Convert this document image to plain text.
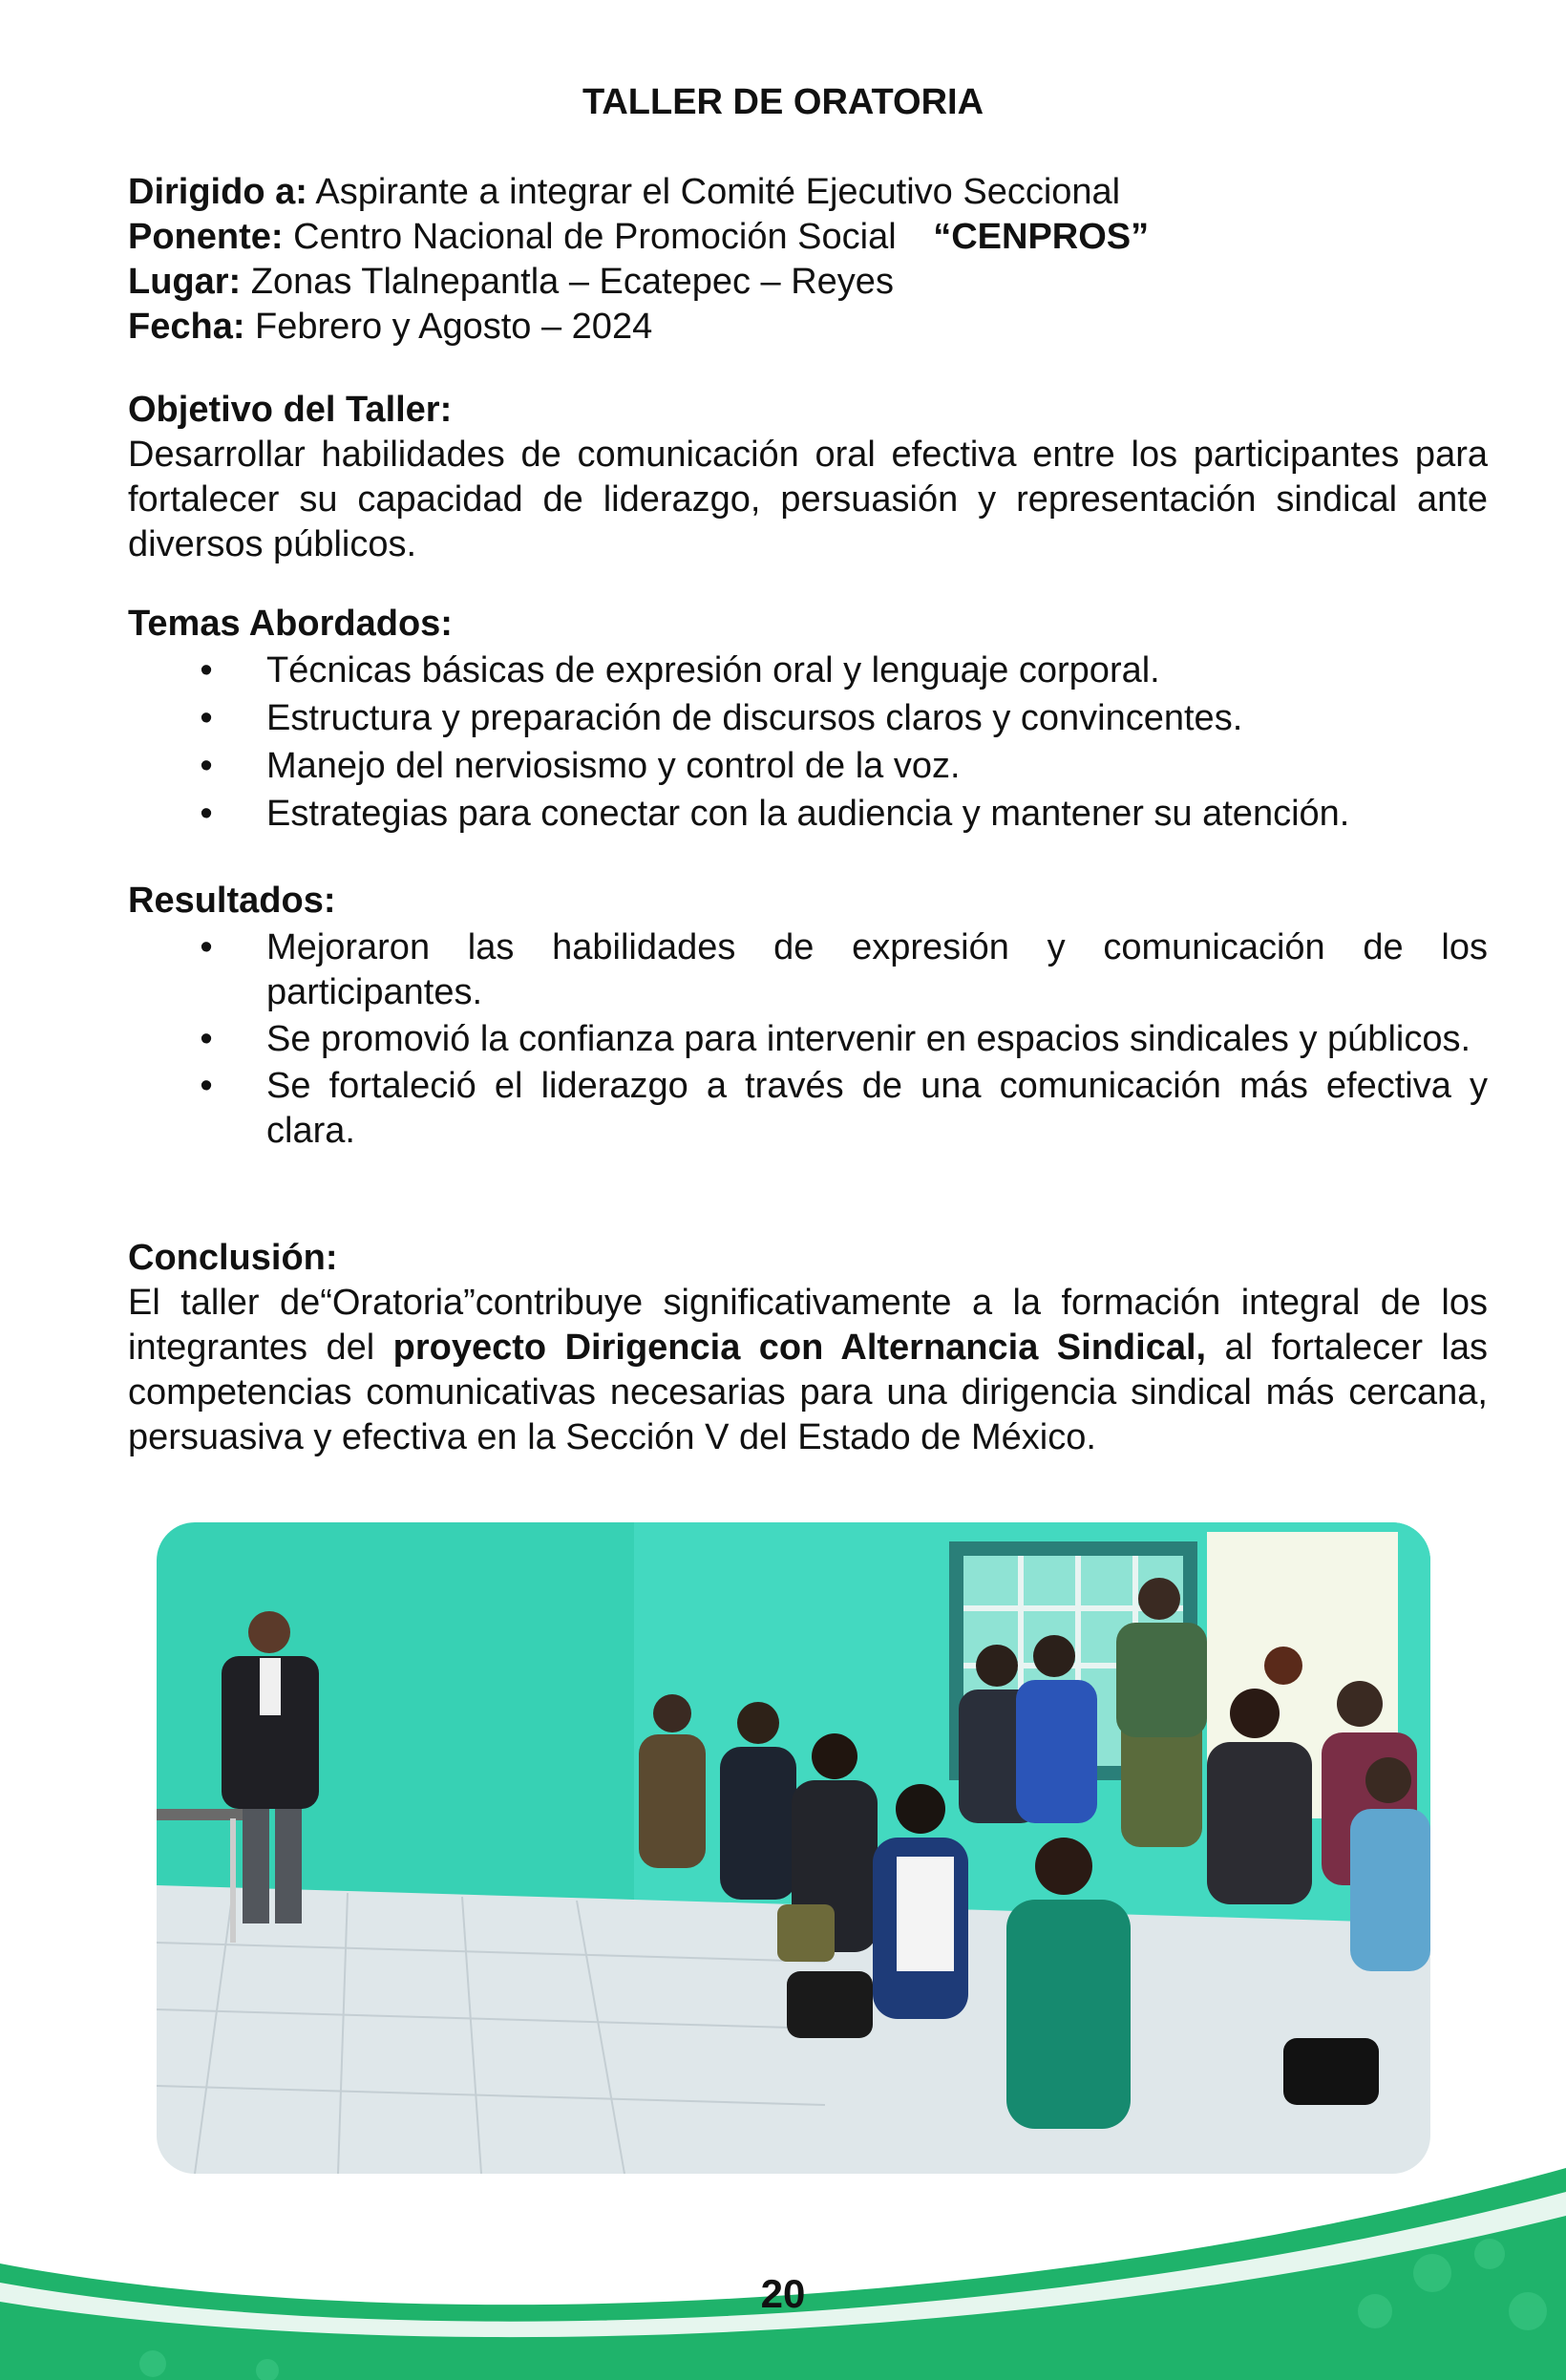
TALLER DE ORATORIA
Dirigido a: Aspirante a integrar el Comité Ejecutivo Seccional
Ponente: Centro Nacional de Promoción Social “CENPROS”
Lugar: Zonas Tlalnepantla – Ecatepec – Reyes
Fecha: Febrero y Agosto – 2024
Objetivo del Taller:
Desarrollar habilidades de comunicación oral efectiva entre los participantes para fortalecer su capacidad de liderazgo, persuasión y representación sindical ante diversos públicos.
Temas Abordados:
• Técnicas básicas de expresión oral y lenguaje corporal.
• Estructura y preparación de discursos claros y convincentes.
• Manejo del nerviosismo y control de la voz.
• Estrategias para conectar con la audiencia y mantener su atención.
Resultados:
• Mejoraron las habilidades de expresión y comunicación de los participantes.
• Se promovió la confianza para intervenir en espacios sindicales y públicos.
• Se fortaleció el liderazgo a través de una comunicación más efectiva y clara.
Conclusión:
El taller de“Oratoria”contribuye significativamente a la formación integral de los integrantes del proyecto Dirigencia con Alternancia Sindical, al fortalecer las competencias comunicativas necesarias para una dirigencia sindical más cercana, persuasiva y efectiva en la Sección V del Estado de México.
20
